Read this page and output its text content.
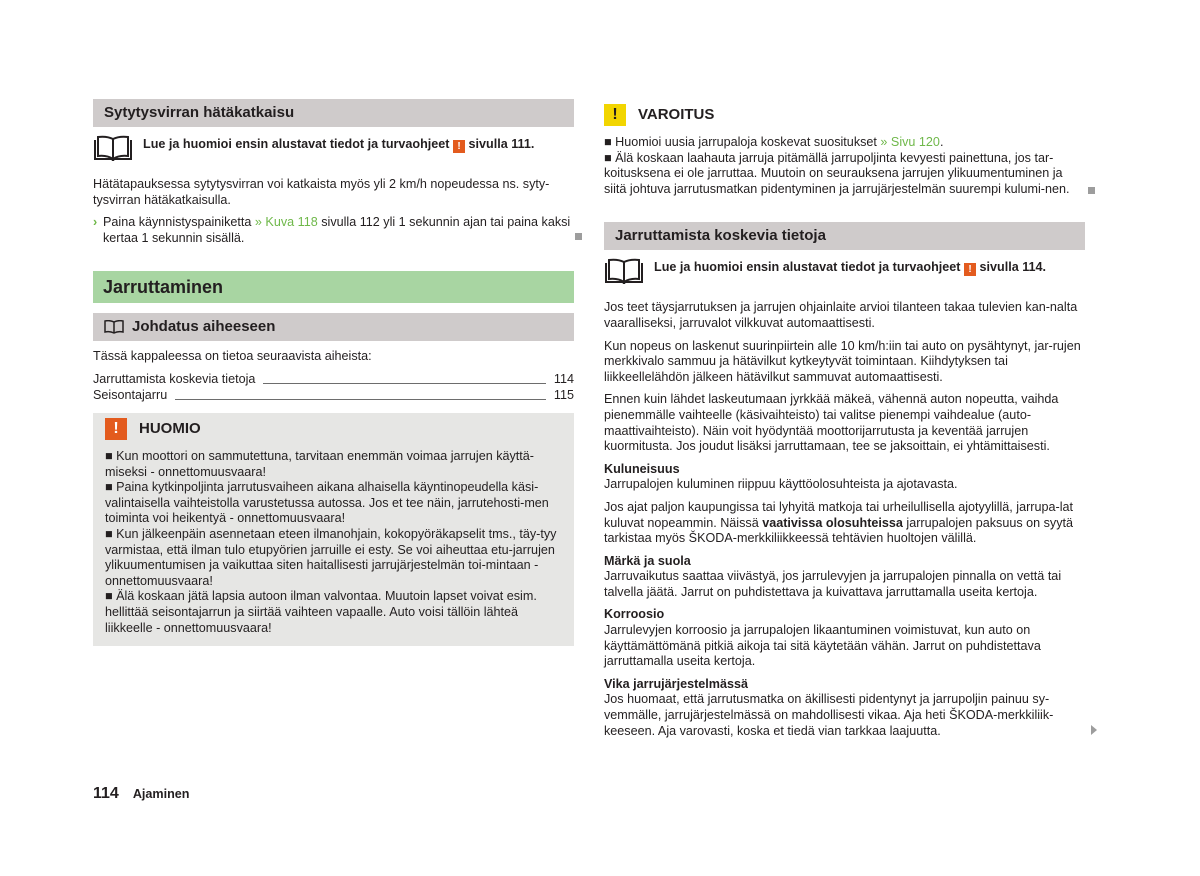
Sytytysvirran hätäkatkaisu
Lue ja huomioi ensin alustavat tiedot ja turvaohjeet ! sivulla 111.

Hätätapauksessa sytytysvirran voi katkaista myös yli 2 km/h nopeudessa ns. syty-tysvirran hätäkatkaisulla.

› Paina käynnistyspainiketta » Kuva 118 sivulla 112 yli 1 sekunnin ajan tai paina kaksi kertaa 1 sekunnin sisällä.

Jarruttaminen
Johdatus aiheeseen

Tässä kappaleessa on tietoa seuraavista aiheista:

Jarruttamista koskevia tietoja	114
Seisontajarru	115
!	HUOMIO

■ Kun moottori on sammutettuna, tarvitaan enemmän voimaa jarrujen käyttä-miseksi - onnettomuusvaara!

■ Paina kytkinpoljinta jarrutusvaiheen aikana alhaisella käyntinopeudella käsi-valintaisella vaihteistolla varustetussa autossa. Jos et tee näin, jarrutehosti-men toiminta voi heikentyä - onnettomuusvaara!

■ Kun jälkeenpäin asennetaan eteen ilmanohjain, kokopyöräkapselit tms., täy-tyy varmistaa, että ilman tulo etupyörien jarruille ei esty. Se voi aiheuttaa etu-jarrujen ylikuumentumisen ja vaikuttaa siten haitallisesti jarrujärjestelmän toi-mintaan - onnettomuusvaara!

■ Älä koskaan jätä lapsia autoon ilman valvontaa. Muutoin lapset voivat esim. hellittää seisontajarrun ja siirtää vaihteen vapaalle. Auto voisi tällöin lähteä liikkeelle - onnettomuusvaara!

!	VAROITUS

■ Huomioi uusia jarrupaloja koskevat suositukset » Sivu 120.

■ Älä koskaan laahauta jarruja pitämällä jarrupoljinta kevyesti painettuna, jos tar-koitusksena ei ole jarruttaa. Muutoin on seurauksena jarrujen ylikuumentuminen ja siitä johtuva jarrutusmatkan pidentyminen ja jarrujärjestelmän suurempi kulumi-nen.

Jarruttamista koskevia tietoja
Lue ja huomioi ensin alustavat tiedot ja turvaohjeet ! sivulla 114.

Jos teet täysjarrutuksen ja jarrujen ohjainlaite arvioi tilanteen takaa tulevien kan-nalta vaaralliseksi, jarruvalot vilkkuvat automaattisesti.

Kun nopeus on laskenut suurinpiirtein alle 10 km/h:iin tai auto on pysähtynyt, jar-rujen merkkivalo sammuu ja hätävilkut kytkeytyvät toimintaan. Kiihdytyksen tai liikkeellelähdön jälkeen hätävilkut sammuvat automaattisesti.

Ennen kuin lähdet laskeutumaan jyrkkää mäkeä, vähennä auton nopeutta, vaihda pienemmälle vaihteelle (käsivaihteisto) tai valitse pienempi vaihdealue (auto-maattivaihteisto). Näin voit hyödyntää moottorijarrutusta ja keventää jarrujen kuormitusta. Jos joudut lisäksi jarruttamaan, tee se jaksoittain, ei yhtämittaisesti.

Kuluneisuus

Jarrupalojen kuluminen riippuu käyttöolosuhteista ja ajotavasta.

Jos ajat paljon kaupungissa tai lyhyitä matkoja tai urheilullisella ajotyylillä, jarrupa-lat kuluvat nopeammin. Näissä vaativissa olosuhteissa jarrupalojen paksuus on syytä tarkistaa myös ŠKODA-merkkiliikkeessä tehtävien huoltojen välillä.

Märkä ja suola

Jarruvaikutus saattaa viivästyä, jos jarrulevyjen ja jarrupalojen pinnalla on vettä tai talvella jäätä. Jarrut on puhdistettava ja kuivattava jarruttamalla useita kertoja.

Korroosio

Jarrulevyjen korroosio ja jarrupalojen likaantuminen voimistuvat, kun auto on käyttämättömänä pitkiä aikoja tai sitä käytetään vähän. Jarrut on puhdistettava jarruttamalla useita kertoja.

Vika jarrujärjestelmässä

Jos huomaat, että jarrutusmatka on äkillisesti pidentynyt ja jarrupoljin painuu sy-vemmälle, jarrujärjestelmässä on mahdollisesti vikaa. Aja heti ŠKODA-merkkiliik-keeseen. Aja varovasti, koska et tiedä vian tarkkaa laajuutta.

114 Ajaminen
